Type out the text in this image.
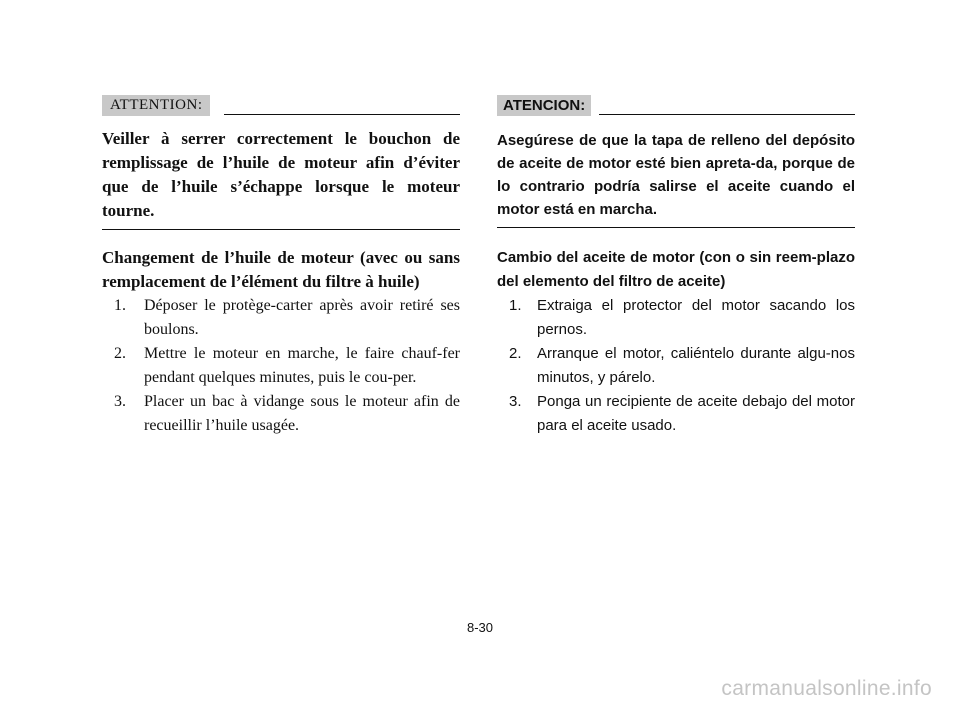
ATTENTION:

Veiller à serrer correctement le bouchon de remplissage de l’huile de moteur afin d’éviter que de l’huile s’échappe lorsque le moteur tourne.

Changement de l’huile de moteur (avec ou sans remplacement de l’élément du filtre à huile)

1. Déposer le protège-carter après avoir retiré ses boulons.
2. Mettre le moteur en marche, le faire chauf-fer pendant quelques minutes, puis le cou-per.
3. Placer un bac à vidange sous le moteur afin de recueillir l’huile usagée.
ATENCION:

Asegúrese de que la tapa de relleno del depósito de aceite de motor esté bien apreta-da, porque de lo contrario podría salirse el aceite cuando el motor está en marcha.

Cambio del aceite de motor (con o sin reem-plazo del elemento del filtro de aceite)

1. Extraiga el protector del motor sacando los pernos.
2. Arranque el motor, caliéntelo durante algu-nos minutos, y párelo.
3. Ponga un recipiente de aceite debajo del motor para el aceite usado.
8-30
carmanualsonline.info
